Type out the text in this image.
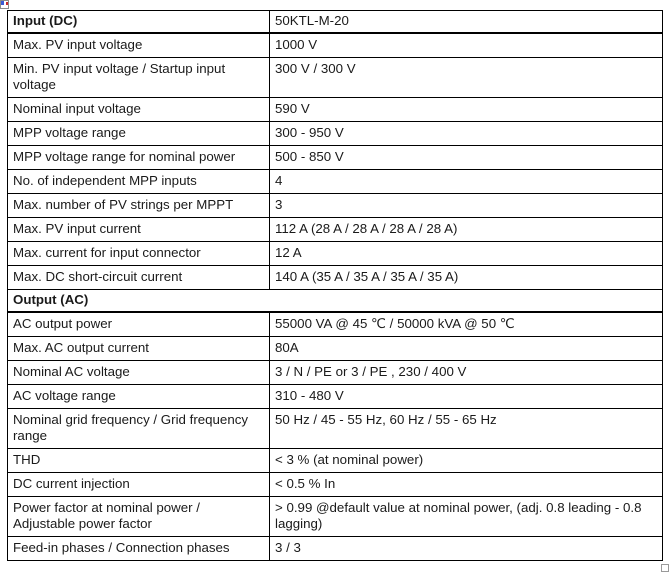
Input (DC)	50KTL-M-20
Max. PV input voltage	1000 V
Min. PV input voltage / Startup input voltage	300 V / 300 V
Nominal input voltage	590 V
MPP voltage range	300 - 950 V
MPP voltage range for nominal power	500 - 850 V
No. of independent MPP inputs	4
Max. number of PV strings per MPPT	3
Max. PV input current	112 A (28 A / 28 A / 28 A / 28 A)
Max. current for input connector	12 A
Max. DC short-circuit current	140 A (35 A / 35 A / 35 A / 35 A)
Output (AC)	
AC output power	55000 VA @ 45 ℃ / 50000 kVA @ 50 ℃
Max. AC output current	80A
Nominal AC voltage	3 / N / PE or 3 / PE , 230 / 400 V
AC voltage range	310 - 480 V
Nominal grid frequency / Grid frequency range	50 Hz / 45 - 55 Hz, 60 Hz / 55 - 65 Hz
THD	< 3 % (at nominal power)
DC current injection	< 0.5 % In
Power factor at nominal power / Adjustable power factor	> 0.99 @default value at nominal power, (adj. 0.8 leading - 0.8 lagging)
Feed-in phases / Connection phases	3 / 3
